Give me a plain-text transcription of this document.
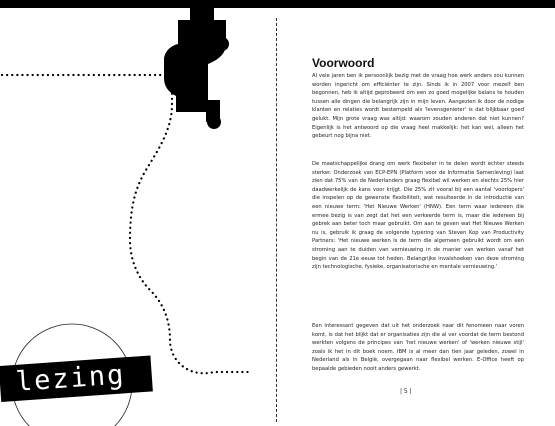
lezing
Voorwoord

Al vele jaren ben ik persoonlijk bezig met de vraag hoe werk anders zou kunnen worden ingericht om efficiënter te zijn. Sinds ik in 2007 voor mezelf ben begonnen, heb ik altijd geprobeerd om een zo goed mogelijke balans te houden tussen alle dingen die belangrijk zijn in mijn leven. Aangezien ik door de nodige klanten en relaties wordt bestempeld als 'levensgenieter' is dat blijkbaar goed gelukt. Mijn grote vraag was altijd: waarom zouden anderen dat niet kunnen? Eigenlijk is het antwoord op die vraag heel makkelijk: het kan wel, alleen het gebeurt nog bijna niet.

De maatschappelijke drang om werk flexibeler in te delen wordt echter steeds sterker. Onderzoek van ECP-EPN (Platform voor de Informatie Samenleving) laat zien dat 75% van de Nederlanders graag flexibel wil werken en slechts 25% hier daadwerkelijk de kans voor krijgt. Die 25% zit vooral bij een aantal 'voorlopers' die inspelen op de gewenste flexibiliteit, wat resulteerde in de introductie van een nieuwe term: 'Het Nieuwe Werken' (HNW). Een term waar iedereen die ermee bezig is van zegt dat het een verkeerde term is, maar die iedereen bij gebrek aan beter toch maar gebruikt. Om aan te geven wat Het Nieuwe Werken nu is, gebruik ik graag de volgende typering van Steven Kop van Productivity Partners: 'Het nieuwe werken is de term die algemeen gebruikt wordt om een stroming aan te duiden van vernieuwing in de manier van werken vanaf het begin van de 21e eeuw tot heden. Belangrijke invalshoeken van deze stroming zijn technologische, fysieke, organisatorische en mentale vernieuwing.'

Een interessant gegeven dat uit het onderzoek naar dit fenomeen naar voren komt, is dat het blijkt dat er organisaties zijn die al ver voordat de term bestond werkten volgens de principes van 'het nieuwe werken' of 'werken nieuwe stijl' zoals ik het in dit boek noem. IBM is al meer dan tien jaar geleden, zowel in Nederland als in België, overgegaan naar flexibel werken. E-Office heeft op bepaalde gebieden nooit anders gewerkt.

| 5 |
